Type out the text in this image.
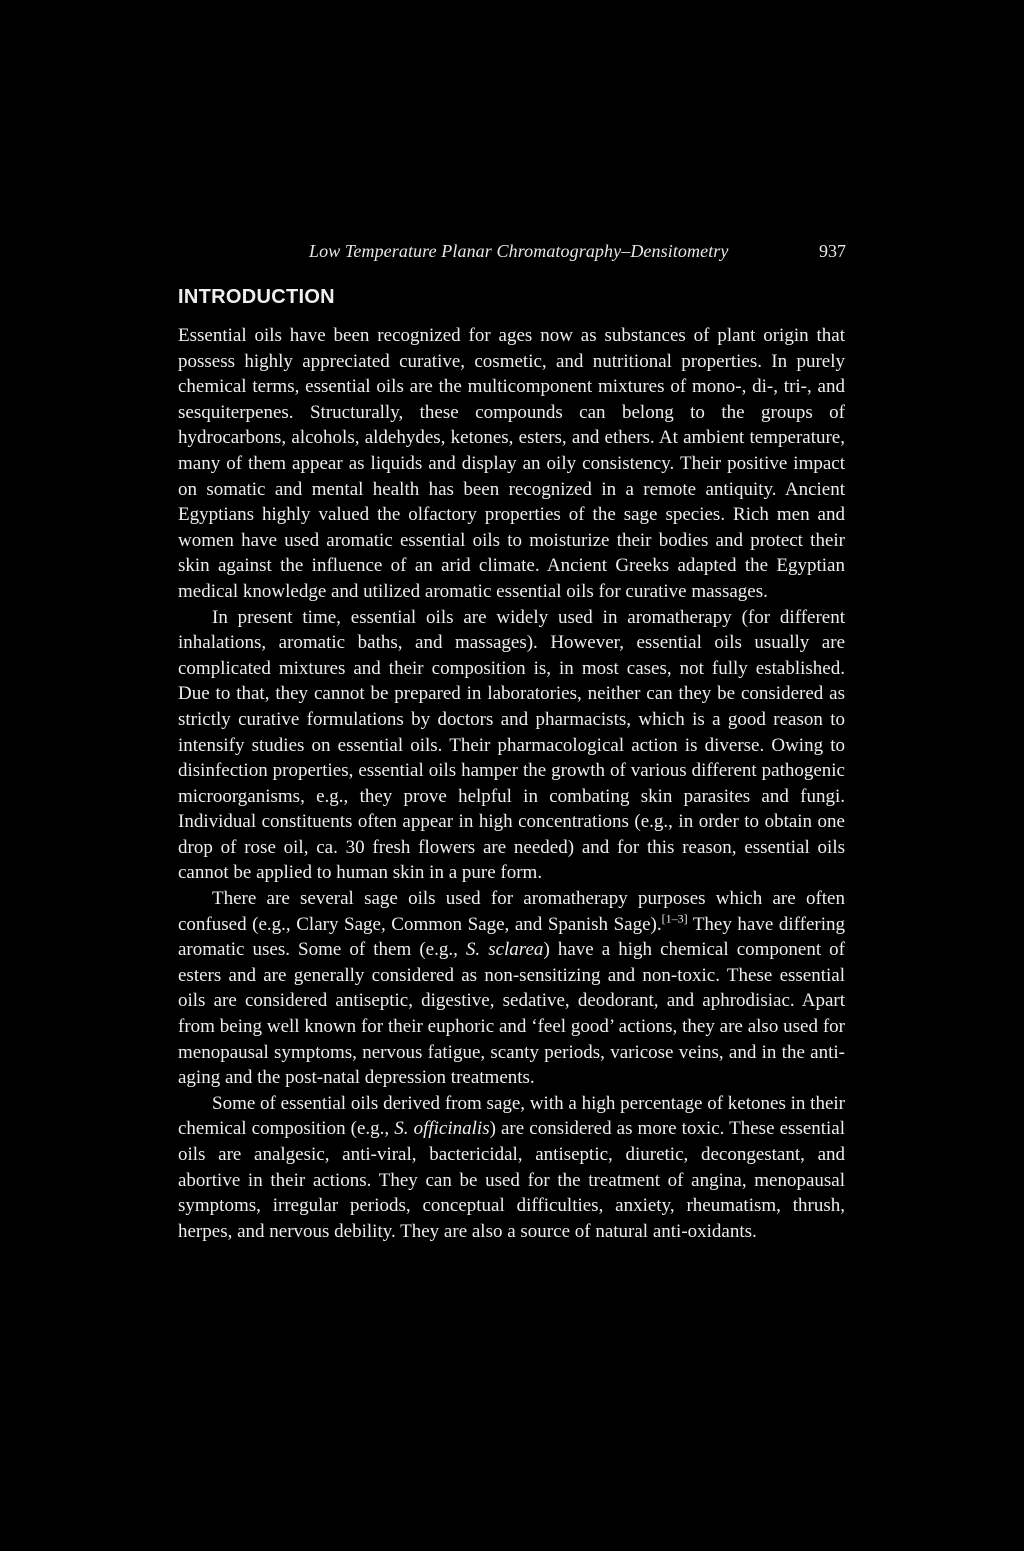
Low Temperature Planar Chromatography–Densitometry	937
INTRODUCTION

Essential oils have been recognized for ages now as substances of plant origin that possess highly appreciated curative, cosmetic, and nutritional properties. In purely chemical terms, essential oils are the multicomponent mixtures of mono-, di-, tri-, and sesquiterpenes. Structurally, these compounds can belong to the groups of hydrocarbons, alcohols, aldehydes, ketones, esters, and ethers. At ambient temperature, many of them appear as liquids and display an oily consistency. Their positive impact on somatic and mental health has been recognized in a remote antiquity. Ancient Egyptians highly valued the olfactory properties of the sage species. Rich men and women have used aromatic essential oils to moisturize their bodies and protect their skin against the influence of an arid climate. Ancient Greeks adapted the Egyptian medical knowledge and utilized aromatic essential oils for curative massages.

In present time, essential oils are widely used in aromatherapy (for different inhalations, aromatic baths, and massages). However, essential oils usually are complicated mixtures and their composition is, in most cases, not fully established. Due to that, they cannot be prepared in laboratories, neither can they be considered as strictly curative formulations by doctors and pharmacists, which is a good reason to intensify studies on essential oils. Their pharmacological action is diverse. Owing to disinfection properties, essential oils hamper the growth of various different pathogenic microorganisms, e.g., they prove helpful in combating skin parasites and fungi. Individual constituents often appear in high concentrations (e.g., in order to obtain one drop of rose oil, ca. 30 fresh flowers are needed) and for this reason, essential oils cannot be applied to human skin in a pure form.

There are several sage oils used for aromatherapy purposes which are often confused (e.g., Clary Sage, Common Sage, and Spanish Sage).[1–3] They have differing aromatic uses. Some of them (e.g., S. sclarea) have a high chemical component of esters and are generally considered as non-sensitizing and non-toxic. These essential oils are considered antiseptic, digestive, sedative, deodorant, and aphrodisiac. Apart from being well known for their euphoric and ‘feel good’ actions, they are also used for menopausal symptoms, nervous fatigue, scanty periods, varicose veins, and in the anti-aging and the post-natal depression treatments.

Some of essential oils derived from sage, with a high percentage of ketones in their chemical composition (e.g., S. officinalis) are considered as more toxic. These essential oils are analgesic, anti-viral, bactericidal, antiseptic, diuretic, decongestant, and abortive in their actions. They can be used for the treatment of angina, menopausal symptoms, irregular periods, conceptual difficulties, anxiety, rheumatism, thrush, herpes, and nervous debility. They are also a source of natural anti-oxidants.
